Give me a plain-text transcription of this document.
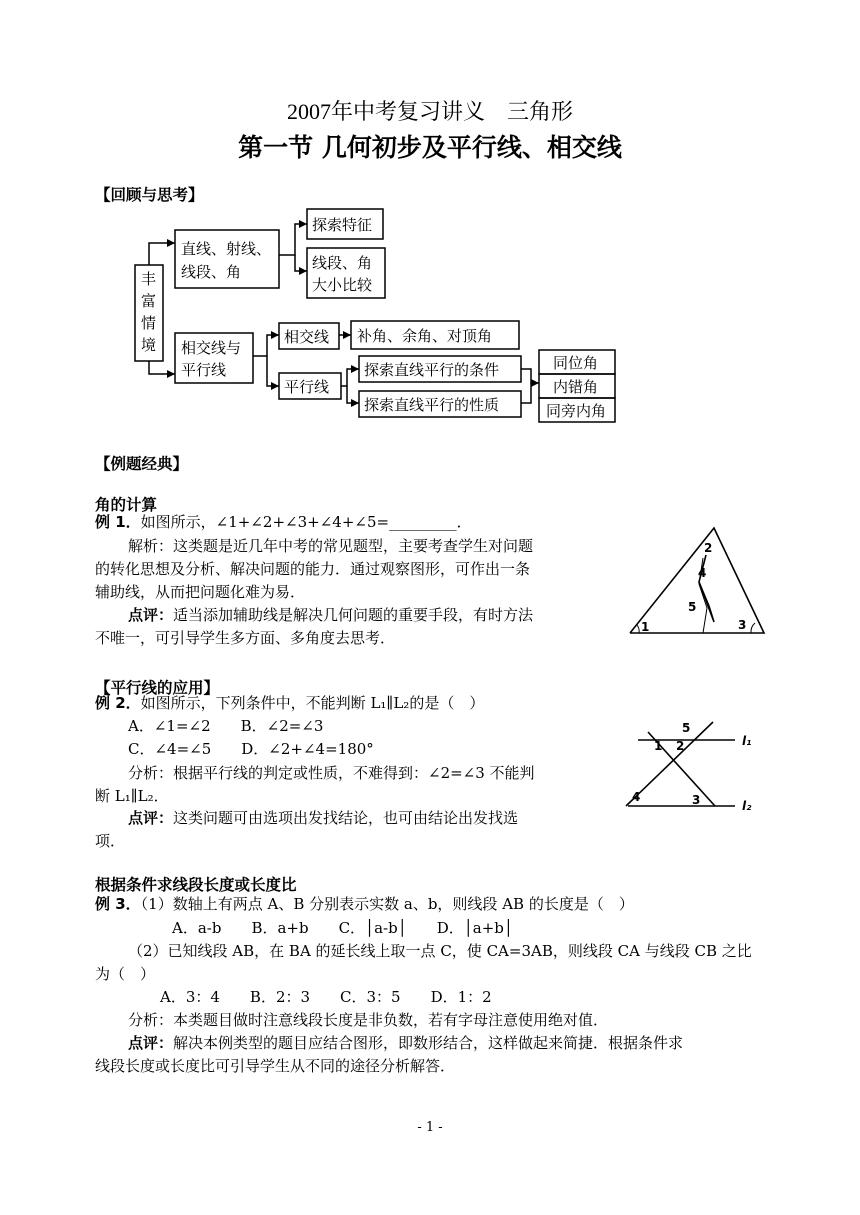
2007年中考复习讲义　三角形
第一节 几何初步及平行线、相交线
【回顾与思考】
丰
富
情
境
直线、射线、
线段、角
探索特征
线段、角
大小比较
相交线与
平行线
相交线 补角、余角、对顶角
平行线
探索直线平行的条件
探索直线平行的性质
同位角
内错角
同旁内角
【例题经典】
角的计算
例 1．如图所示，∠1+∠2+∠3+∠4+∠5=_________．
解析：这类题是近几年中考的常见题型，主要考查学生对问题
的转化思想及分析、解决问题的能力．通过观察图形，可作出一条
辅助线，从而把问题化难为易．
点评：适当添加辅助线是解决几何问题的重要手段，有时方法
不唯一，可引导学生多方面、多角度去思考．
1
2
3
4
5
【平行线的应用】
例 2．如图所示，下列条件中，不能判断 L₁∥L₂的是（　）
A．∠1=∠2　　B．∠2=∠3
C．∠4=∠5　　D．∠2+∠4=180°
分析：根据平行线的判定或性质，不难得到：∠2=∠3 不能判
断 L₁∥L₂．
点评：这类问题可由选项出发找结论，也可由结论出发找选
项．
1 2
3
4
5
l₁
l₂
根据条件求线段长度或长度比
例 3．（1）数轴上有两点 A、B 分别表示实数 a、b，则线段 AB 的长度是（　）
A．a-b　　B．a+b　　C．│a-b│　　D．│a+b│
（2）已知线段 AB，在 BA 的延长线上取一点 C，使 CA=3AB，则线段 CA 与线段 CB 之比
为（　）
A．3：4　　B．2：3　　C．3：5　　D．1：2
分析：本类题目做时注意线段长度是非负数，若有字母注意使用绝对值．
点评：解决本例类型的题目应结合图形，即数形结合，这样做起来简捷．根据条件求
线段长度或长度比可引导学生从不同的途径分析解答．
- 1 -
